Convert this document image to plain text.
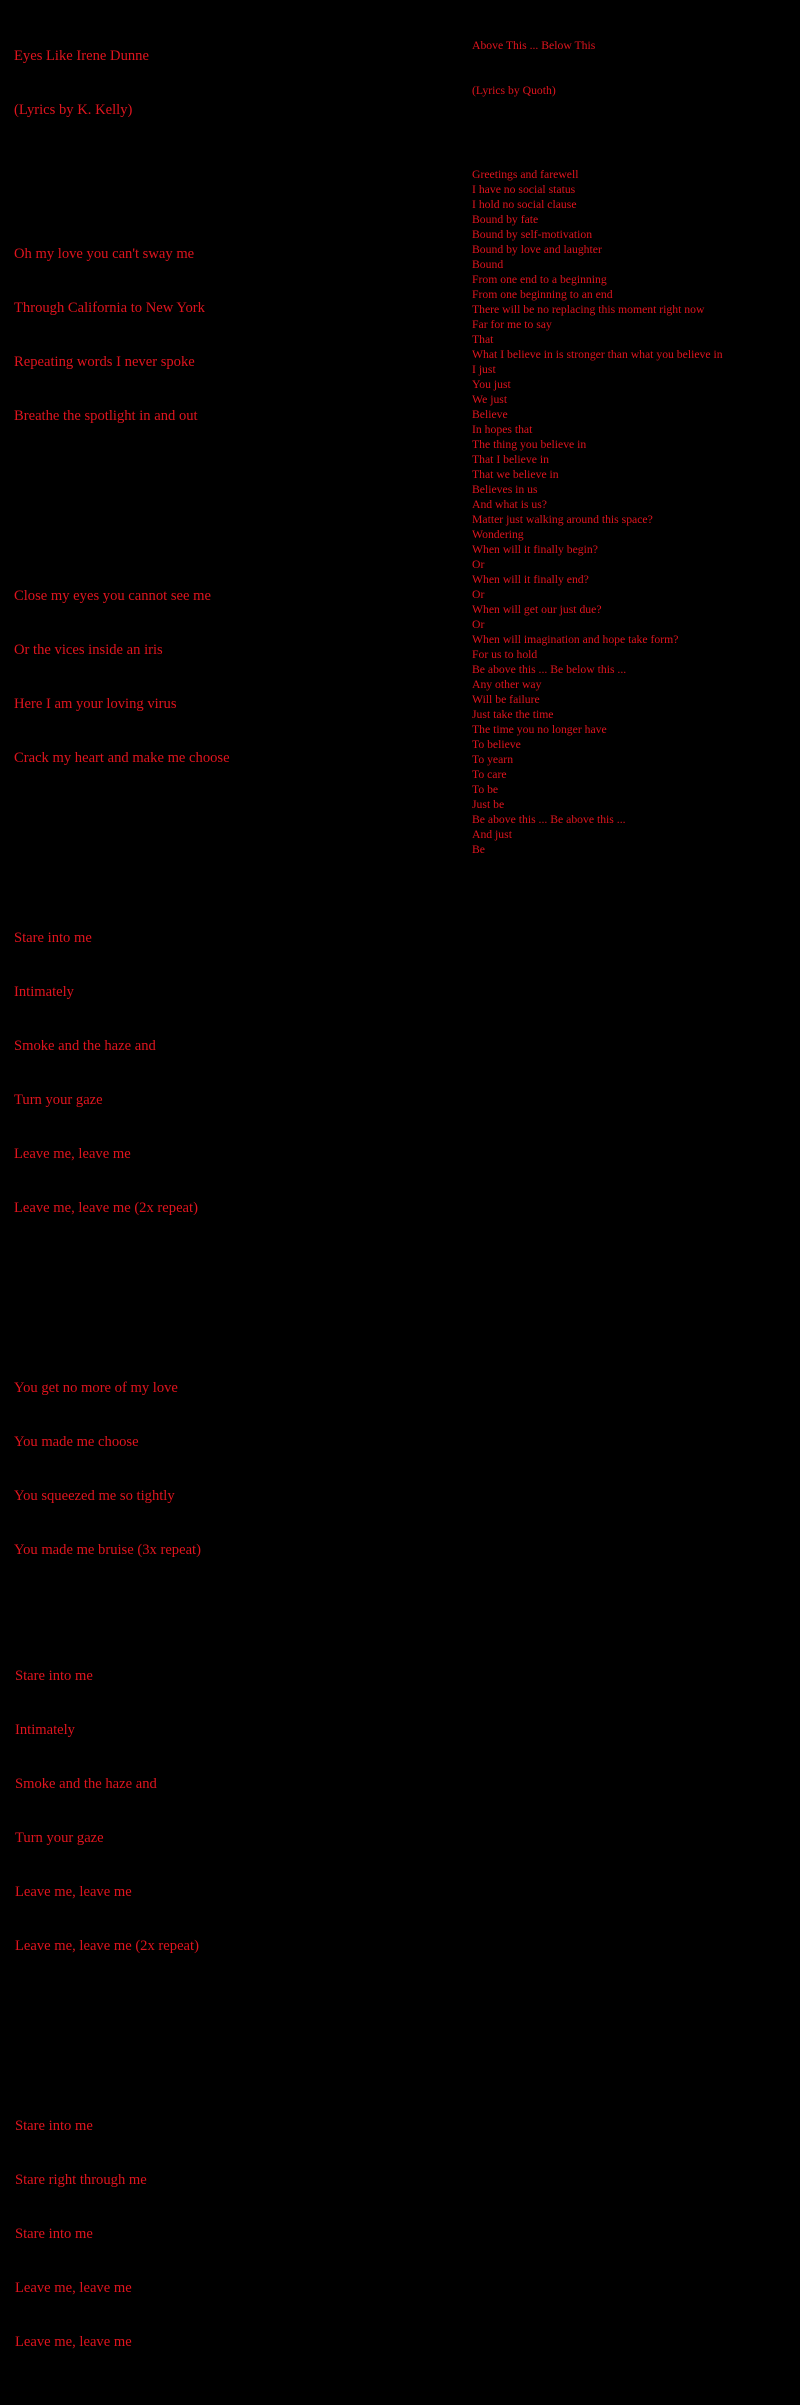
Eyes Like Irene Dunne

(Lyrics by K. Kelly)

Oh my love you can't sway me

Through California to New York

Repeating words I never spoke

Breathe the spotlight in and out

Close my eyes you cannot see me

Or the vices inside an iris

Here I am your loving virus

Crack my heart and make me choose

Stare into me

Intimately

Smoke and the haze and

Turn your gaze

Leave me, leave me

Leave me, leave me (2x repeat)

You get no more of my love

You made me choose

You squeezed me so tightly

You made me bruise (3x repeat)

Stare into me

Intimately

Smoke and the haze and

Turn your gaze

Leave me, leave me

Leave me, leave me (2x repeat)

Stare into me

Stare right through me

Stare into me

Leave me, leave me

Leave me, leave me

Above This ... Below This

(Lyrics by Quoth)

Greetings and farewell
I have no social status
I hold no social clause
Bound by fate
Bound by self-motivation
Bound by love and laughter
Bound
From one end to a beginning
From one beginning to an end
There will be no replacing this moment right now
Far for me to say
That
What I believe in is stronger than what you believe in
I just
You just
We just
Believe
In hopes that
The thing you believe in
That I believe in
That we believe in
Believes in us
And what is us?
Matter just walking around this space?
Wondering
When will it finally begin?
Or
When will it finally end?
Or
When will get our just due?
Or
When will imagination and hope take form?
For us to hold
Be above this ... Be below this ...
Any other way
Will be failure
Just take the time
The time you no longer have
To believe
To yearn
To care
To be
Just be
Be above this ... Be above this ...
And just
Be
